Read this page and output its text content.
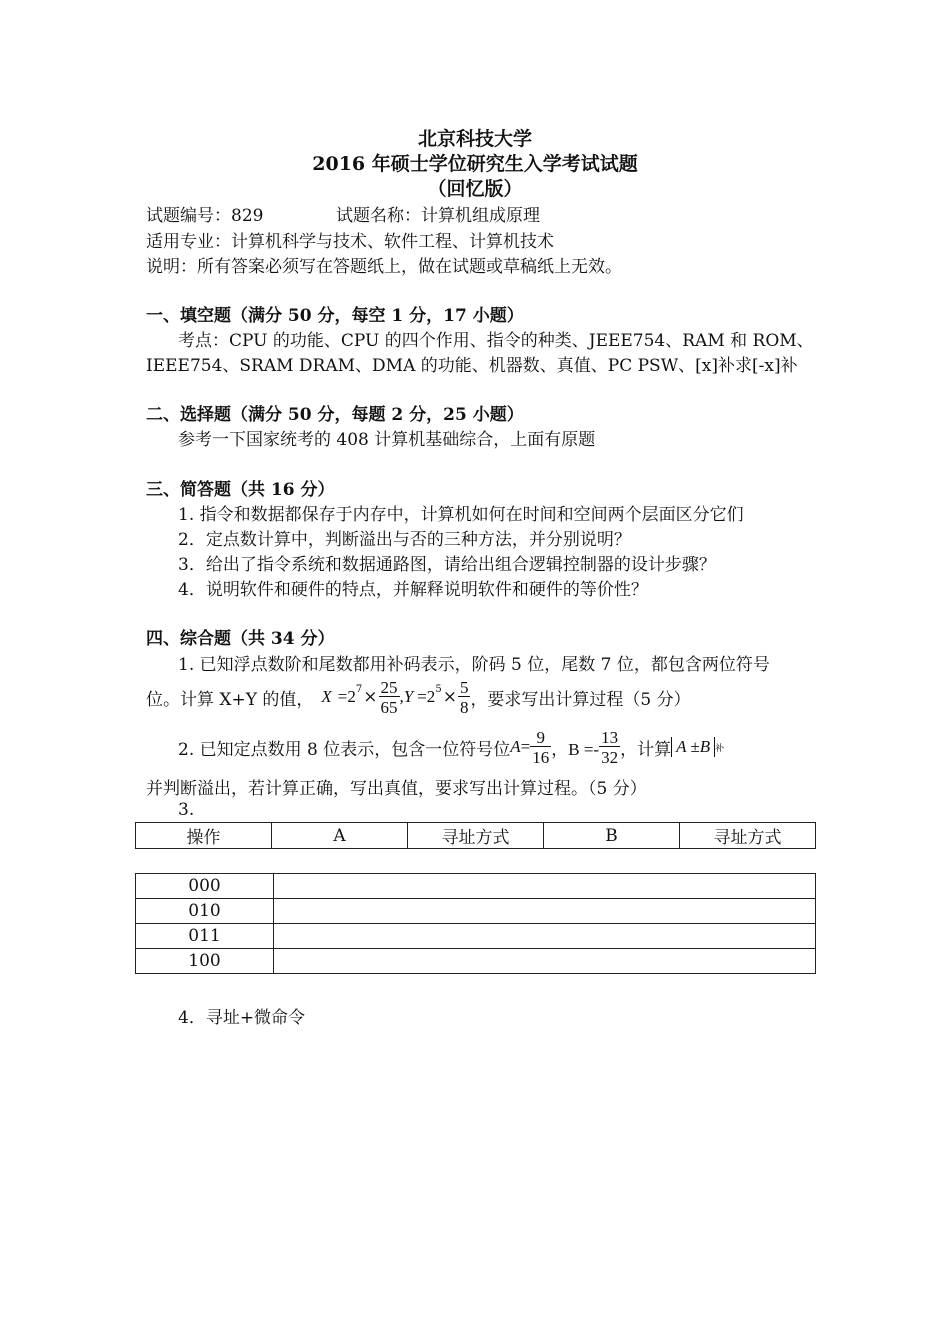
北京科技大学
2016 年硕士学位研究生入学考试试题
（回忆版）
试题编号：829	试题名称：计算机组成原理
适用专业：计算机科学与技术、软件工程、计算机技术
说明：所有答案必须写在答题纸上，做在试题或草稿纸上无效。
一、填空题（满分 50 分，每空 1 分，17 小题）
考点：CPU 的功能、CPU 的四个作用、指令的种类、JEEE754、RAM 和 ROM、
IEEE754、SRAM DRAM、DMA 的功能、机器数、真值、PC PSW、[x]补求[-x]补
二、选择题（满分 50 分，每题 2 分，25 小题）
参考一下国家统考的 408 计算机基础综合，上面有原题
三、简答题（共 16 分）
1. 指令和数据都保存于内存中，计算机如何在时间和空间两个层面区分它们
2．定点数计算中，判断溢出与否的三种方法，并分别说明？
3．给出了指令系统和数据通路图，请给出组合逻辑控制器的设计步骤？
4．说明软件和硬件的特点，并解释说明软件和硬件的等价性？
四、综合题（共 34 分）
1. 已知浮点数阶和尾数都用补码表示，阶码 5 位，尾数 7 位，都包含两位符号
位。计算 X+Y 的值， $X =2^7 \times \frac{25}{65} ,Y =2^5 \times \frac{5}{8}$ ，要求写出计算过程（5 分）
2. 已知定点数用 8 位表示，包含一位符号位 $A = \frac{9}{16}$ ，$B =- \frac{13}{32}$ ，计算 A ±B 补
并判断溢出，若计算正确，写出真值，要求写出计算过程。（5 分）
3.
操作	A	寻址方式	B	寻址方式
000	
010	
011	
100	
4．寻址+微命令
